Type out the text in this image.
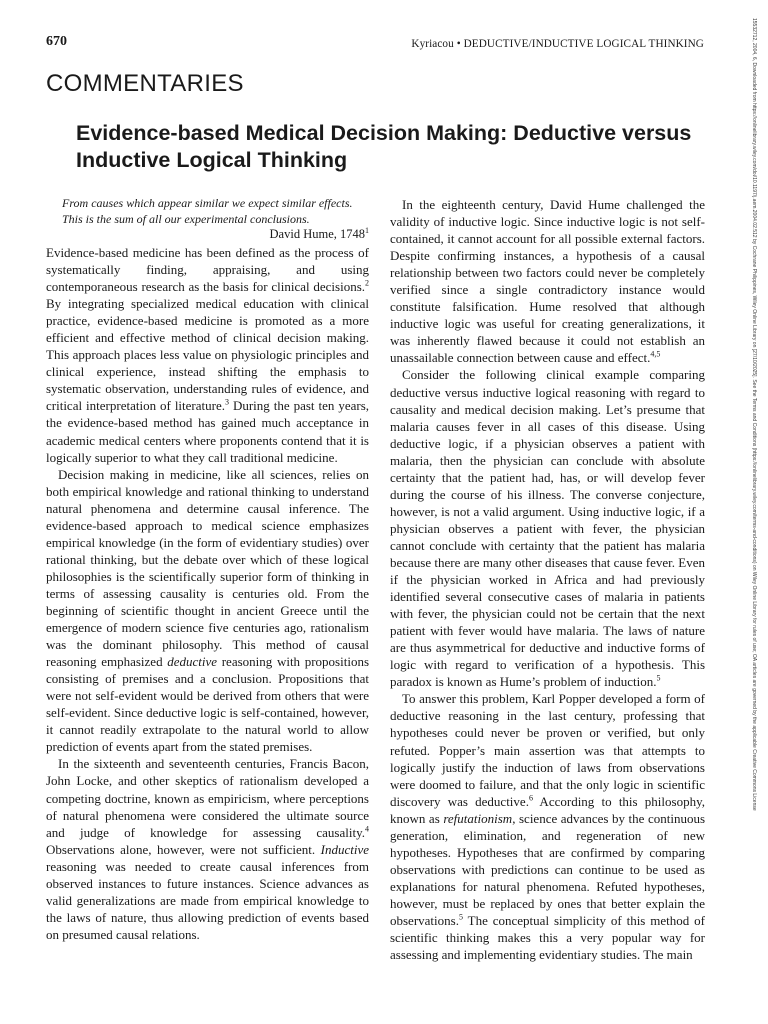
670	Kyriacou • DEDUCTIVE/INDUCTIVE LOGICAL THINKING
COMMENTARIES
Evidence-based Medical Decision Making: Deductive versus Inductive Logical Thinking

From causes which appear similar we expect similar effects.
This is the sum of all our experimental conclusions.

David Hume, 1748$^1$

Evidence-based medicine has been defined as the process of systematically finding, appraising, and using contemporaneous research as the basis for clinical decisions.$^2$ By integrating specialized medical education with clinical practice, evidence-based medicine is promoted as a more efficient and effective method of clinical decision making. This approach places less value on physiologic principles and clinical experience, instead shifting the emphasis to systematic observation, understanding rules of evidence, and critical interpretation of literature.$^3$ During the past ten years, the evidence-based method has gained much acceptance in academic medical centers where proponents contend that it is logically superior to what they call traditional medicine.

Decision making in medicine, like all sciences, relies on both empirical knowledge and rational thinking to understand natural phenomena and determine causal inference. The evidence-based approach to medical science emphasizes empirical knowledge (in the form of evidentiary studies) over rational thinking, but the debate over which of these logical philosophies is the scientifically superior form of thinking in terms of assessing causality is centuries old. From the beginning of scientific thought in ancient Greece until the emergence of modern science five centuries ago, rationalism was the dominant philosophy. This method of causal reasoning emphasized deductive reasoning with propositions consisting of premises and a conclusion. Propositions that were not self-evident would be derived from others that were self-evident. Since deductive logic is self-contained, however, it cannot readily extrapolate to the natural world to allow prediction of events apart from the stated premises.

In the sixteenth and seventeenth centuries, Francis Bacon, John Locke, and other skeptics of rationalism developed a competing doctrine, known as empiricism, where perceptions of natural phenomena were considered the ultimate source and judge of knowledge for assessing causality.$^4$ Observations alone, however, were not sufficient. Inductive reasoning was needed to create causal inferences from observed instances to future instances. Science advances as valid generalizations are made from empirical knowledge to the laws of nature, thus allowing prediction of events based on presumed causal relations.

In the eighteenth century, David Hume challenged the validity of inductive logic. Since inductive logic is not self-contained, it cannot account for all possible external factors. Despite confirming instances, a hypothesis of a causal relationship between two factors could never be completely verified since a single contradictory instance would constitute falsification. Hume resolved that although inductive logic was useful for creating generalizations, it was inherently flawed because it could not establish an unassailable connection between cause and effect.$^{4,5}$

Consider the following clinical example comparing deductive versus inductive logical reasoning with regard to causality and medical decision making. Let’s presume that malaria causes fever in all cases of this disease. Using deductive logic, if a physician observes a patient with malaria, then the physician can conclude with absolute certainty that the patient had, has, or will develop fever during the course of his illness. The converse conjecture, however, is not a valid argument. Using inductive logic, if a physician observes a patient with fever, the physician cannot conclude with certainty that the patient has malaria because there are many other diseases that cause fever. Even if the physician worked in Africa and had previously identified several consecutive cases of malaria in patients with fever, the physician could not be certain that the next patient with fever would have malaria. The laws of nature are thus asymmetrical for deductive and inductive forms of logic with regard to verification of a hypothesis. This paradox is known as Hume’s problem of induction.$^5$

To answer this problem, Karl Popper developed a form of deductive reasoning in the last century, professing that hypotheses could never be proven or verified, but only refuted. Popper’s main assertion was that attempts to logically justify the induction of laws from observations were doomed to failure, and that the only logic in scientific discovery was deductive.$^6$ According to this philosophy, known as refutationism, science advances by the continuous generation, elimination, and regeneration of new hypotheses. Hypotheses that are confirmed by comparing observations with predictions can continue to be used as explanations for natural phenomena. Refuted hypotheses, however, must be replaced by ones that better explain the observations.$^5$ The conceptual simplicity of this method of scientific thinking makes this a very popular way for assessing and implementing evidentiary studies. The main

15532712, 2004, 6, Downloaded from https://onlinelibrary.wiley.com/doi/10.1197/j.aem.2004.02.512 by Cochrane Philippines, Wiley Online Library on [27/10/2025]. See the Terms and Conditions (https://onlinelibrary.wiley.com/terms-and-conditions) on Wiley Online Library for rules of use; OA articles are governed by the applicable Creative Commons License
